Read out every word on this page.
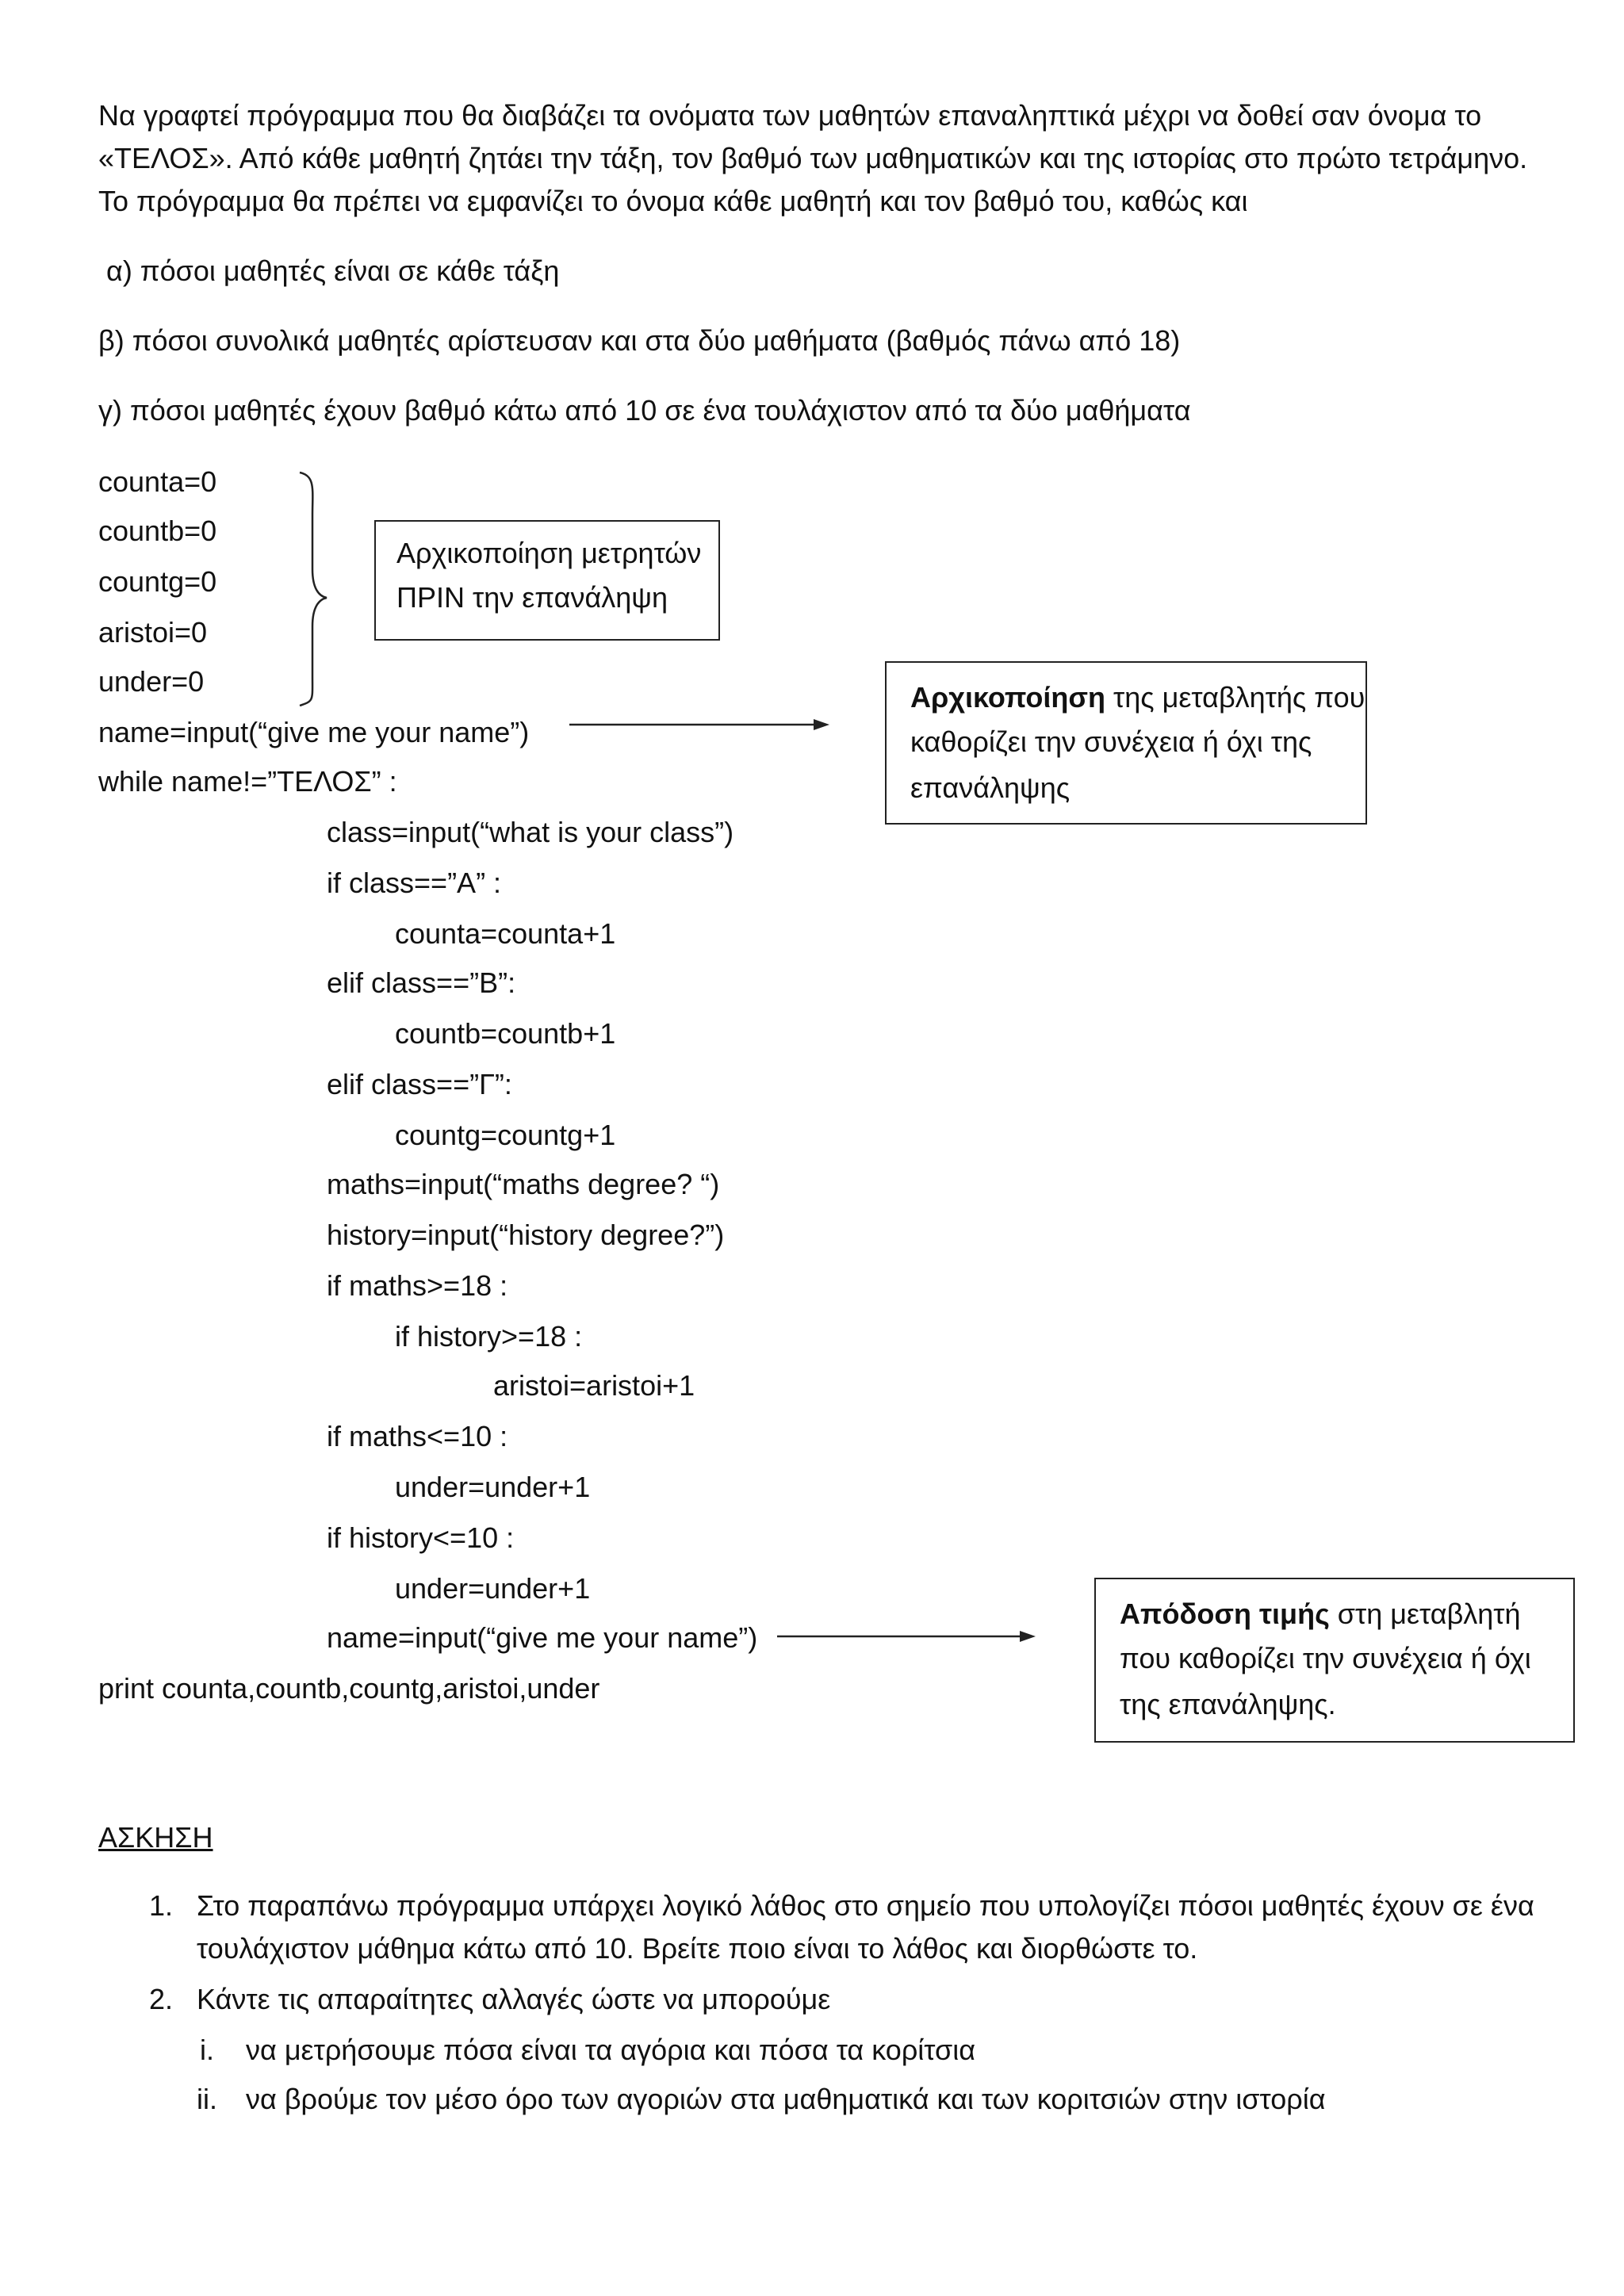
Να γραφτεί πρόγραμμα που θα διαβάζει τα ονόματα των μαθητών επαναληπτικά μέχρι να δοθεί σαν όνομα το
«ΤΕΛΟΣ». Από κάθε μαθητή ζητάει την τάξη, τον βαθμό των μαθηματικών και της ιστορίας στο πρώτο τετράμηνο.
Το πρόγραμμα θα πρέπει να εμφανίζει το όνομα κάθε μαθητή και τον βαθμό του, καθώς και
α) πόσοι μαθητές είναι σε κάθε τάξη
β) πόσοι συνολικά μαθητές αρίστευσαν και στα δύο μαθήματα (βαθμός πάνω από 18)
γ) πόσοι μαθητές έχουν βαθμό κάτω από 10 σε ένα τουλάχιστον από τα δύο μαθήματα
counta=0
countb=0
countg=0
aristoi=0
under=0
name=input(“give me your name”)
while name!=”ΤΕΛΟΣ” :
class=input(“what is your class”)
if class==”A” :
counta=counta+1
elif class==”B”:
countb=countb+1
elif class==”Γ”:
countg=countg+1
maths=input(“maths degree? “)
history=input(“history degree?”)
if maths>=18 :
if history>=18 :
aristoi=aristoi+1
if maths<=10 :
under=under+1
if history<=10 :
under=under+1
name=input(“give me your name”)
print counta,countb,countg,aristoi,under
Αρχικοποίηση μετρητών
ΠΡΙΝ την επανάληψη
Αρχικοποίηση της μεταβλητής που
καθορίζει την συνέχεια ή όχι της
επανάληψης
Απόδοση τιμής στη μεταβλητή
που καθορίζει την συνέχεια ή όχι
της επανάληψης.
ΑΣΚΗΣΗ
1. Στο παραπάνω πρόγραμμα υπάρχει λογικό λάθος στο σημείο που υπολογίζει πόσοι μαθητές έχουν σε ένα
τουλάχιστον μάθημα κάτω από 10. Βρείτε ποιο είναι το λάθος και διορθώστε το.
2. Κάντε τις απαραίτητες αλλαγές ώστε να μπορούμε
i. να μετρήσουμε πόσα είναι τα αγόρια και πόσα τα κορίτσια
ii. να βρούμε τον μέσο όρο των αγοριών στα μαθηματικά και των κοριτσιών στην ιστορία
